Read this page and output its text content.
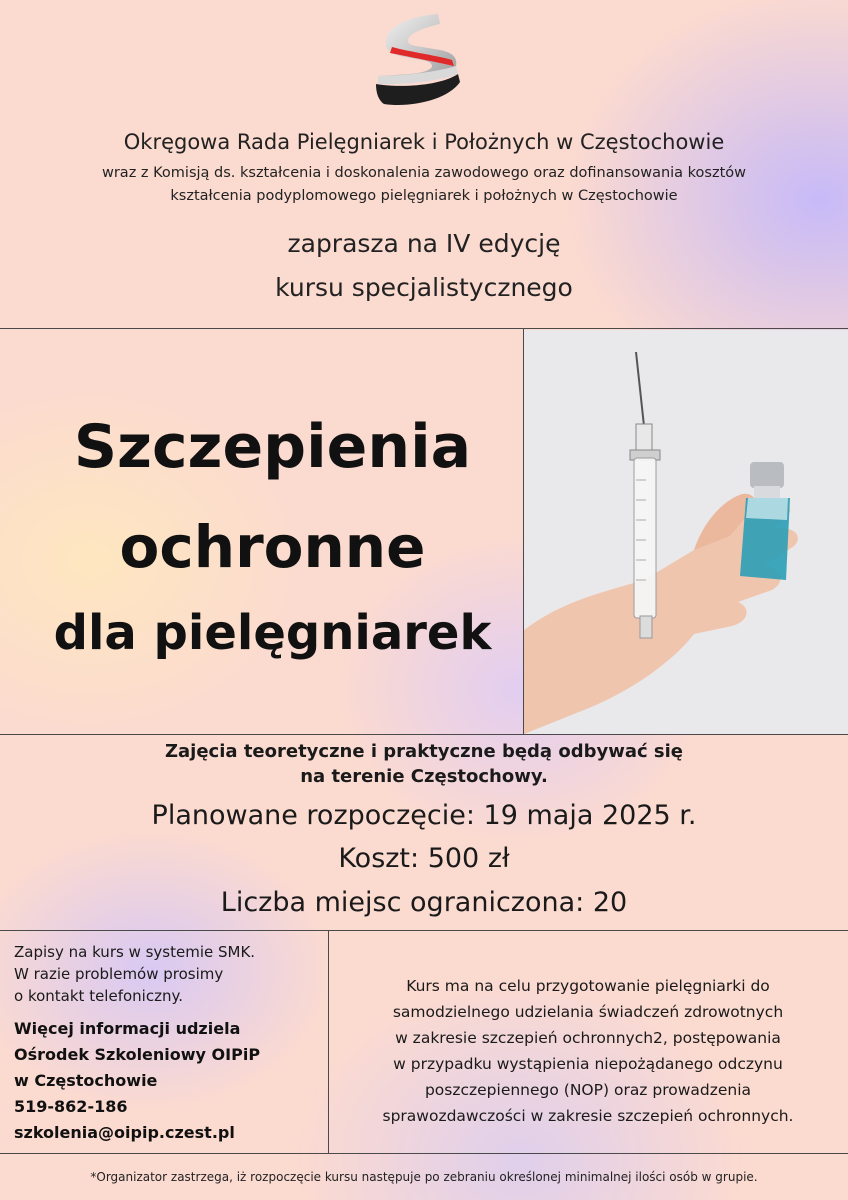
Okręgowa Rada Pielęgniarek i Położnych w Częstochowie
wraz z Komisją ds. kształcenia i doskonalenia zawodowego oraz dofinansowania kosztów
kształcenia podyplomowego pielęgniarek i położnych w Częstochowie
zaprasza na IV edycję
kursu specjalistycznego
Szczepienia
ochronne
dla pielęgniarek
Zajęcia teoretyczne i praktyczne będą odbywać się
na terenie Częstochowy.
Planowane rozpoczęcie: 19 maja 2025 r.
Koszt: 500 zł
Liczba miejsc ograniczona: 20
Zapisy na kurs w systemie SMK.
W razie problemów prosimy
o kontakt telefoniczny.
Więcej informacji udziela
Ośrodek Szkoleniowy OIPiP
w Częstochowie
519-862-186
szkolenia@oipip.czest.pl
Kurs ma na celu przygotowanie pielęgniarki do
samodzielnego udzielania świadczeń zdrowotnych
w zakresie szczepień ochronnych2, postępowania
w przypadku wystąpienia niepożądanego odczynu
poszczepiennego (NOP) oraz prowadzenia
sprawozdawczości w zakresie szczepień ochronnych.
*Organizator zastrzega, iż rozpoczęcie kursu następuje po zebraniu określonej minimalnej ilości osób w grupie.
